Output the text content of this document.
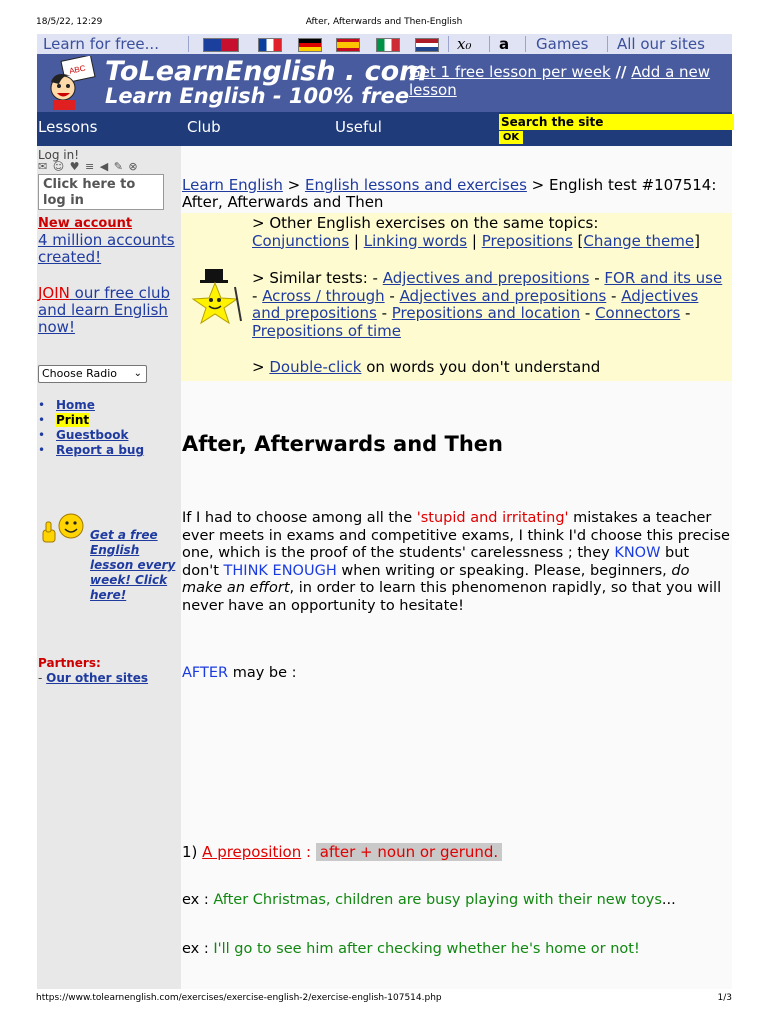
18/5/22, 12:29	After, Afterwards and Then-English
https://www.tolearnenglish.com/exercises/exercise-english-2/exercise-english-107514.php	1/3
Learn for free...	x₀ a Games All our sites
ABC ToLearnEnglish . com
Learn English - 100% free
Get 1 free lesson per week // Add a new lesson
Lessons	Club	Useful	Search the site
OK
Log in!
✉ ☺ ♥ ≡ ◀ ✎ ⊗
Click here to log in
New account
4 million accounts created!
JOIN our free club and learn English now!
Choose Radio ⌄
• Home
• Print
• Guestbook
• Report a bug
Get a free English lesson every week! Click here!
Partners:
- Our other sites
Learn English > English lessons and exercises > English test #107514: After, Afterwards and Then
> Other English exercises on the same topics:
Conjunctions | Linking words | Prepositions [Change theme]
> Similar tests: - Adjectives and prepositions - FOR and its use - Across / through - Adjectives and prepositions - Adjectives and prepositions - Prepositions and location - Connectors - Prepositions of time
> Double-click on words you don't understand
After, Afterwards and Then
If I had to choose among all the 'stupid and irritating' mistakes a teacher ever meets in exams and competitive exams, I think I'd choose this precise one, which is the proof of the students' carelessness ; they KNOW but don't THINK ENOUGH when writing or speaking. Please, beginners, do make an effort, in order to learn this phenomenon rapidly, so that you will never have an opportunity to hesitate!
AFTER may be :
1) A preposition : after + noun or gerund.
ex : After Christmas, children are busy playing with their new toys...
ex : I'll go to see him after checking whether he's home or not!
